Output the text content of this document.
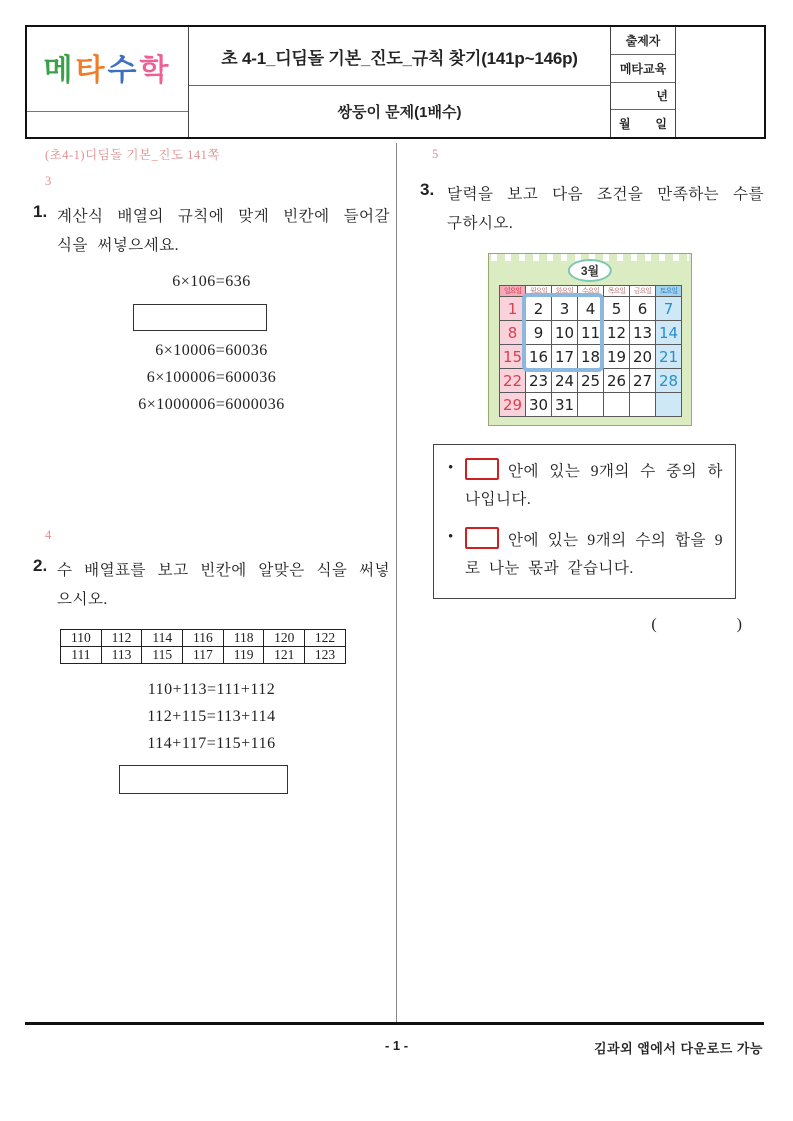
메타수학	초 4-1_디딤돌 기본_진도_규칙 찾기(141p~146p)
쌍둥이 문제(1배수)
출제자
메타교육
년
월 일
(초4-1)디딤돌 기본_진도 141쪽
3
1. 계산식 배열의 규칙에 맞게 빈칸에 들어갈 식을 써넣으세요.
6×106=636
6×10006=60036
6×100006=600036
6×1000006=6000036
4
2. 수 배열표를 보고 빈칸에 알맞은 식을 써넣으시오.
110	112	114	116	118	120	122
111	113	115	117	119	121	123
110+113=111+112
112+115=113+114
114+117=115+116
5
3. 달력을 보고 다음 조건을 만족하는 수를 구하시오.
3월
일요일	월요일	화요일	수요일	목요일	금요일	토요일
1	2	3	4	5	6	7
8	9	10	11	12	13	14
15	16	17	18	19	20	21
22	23	24	25	26	27	28
29	30	31				
•	안에 있는 9개의 수 중의 하나입니다.
•	안에 있는 9개의 수의 합을 9로 나눈 몫과 같습니다.
(                    )
- 1 -	김과외 앱에서 다운로드 가능
